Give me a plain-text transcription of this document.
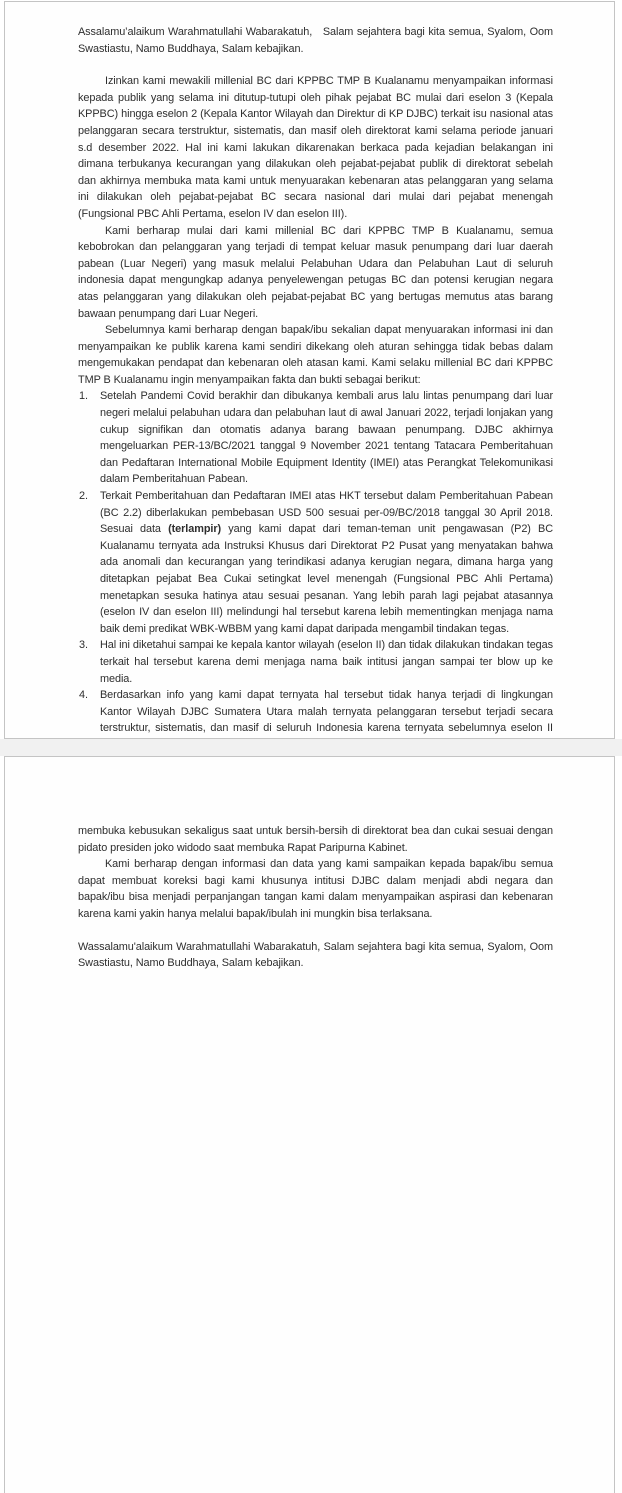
Assalamu’alaikum Warahmatullahi Wabarakatuh,   Salam sejahtera bagi kita semua, Syalom, Oom Swastiastu, Namo Buddhaya, Salam kebajikan.

Izinkan kami mewakili millenial BC dari KPPBC TMP B Kualanamu menyampaikan informasi kepada publik yang selama ini ditutup-tutupi oleh pihak pejabat BC mulai dari eselon 3 (Kepala KPPBC) hingga eselon 2 (Kepala Kantor Wilayah dan Direktur di KP DJBC) terkait isu nasional atas pelanggaran secara terstruktur, sistematis, dan masif oleh direktorat kami selama periode januari s.d desember 2022. Hal ini kami lakukan dikarenakan berkaca pada kejadian belakangan ini dimana terbukanya kecurangan yang dilakukan oleh pejabat-pejabat publik di direktorat sebelah dan akhirnya membuka mata kami untuk menyuarakan kebenaran atas pelanggaran yang selama ini dilakukan oleh pejabat-pejabat BC secara nasional dari mulai dari pejabat menengah (Fungsional PBC Ahli Pertama, eselon IV dan eselon III).

Kami berharap mulai dari kami millenial BC dari KPPBC TMP B Kualanamu, semua kebobrokan dan pelanggaran yang terjadi di tempat keluar masuk penumpang dari luar daerah pabean (Luar Negeri) yang masuk melalui Pelabuhan Udara dan Pelabuhan Laut di seluruh indonesia dapat mengungkap adanya penyelewengan petugas BC dan potensi kerugian negara atas pelanggaran yang dilakukan oleh pejabat-pejabat BC yang bertugas memutus atas barang bawaan penumpang dari Luar Negeri.

Sebelumnya kami berharap dengan bapak/ibu sekalian dapat menyuarakan informasi ini dan menyampaikan ke publik karena kami sendiri dikekang oleh aturan sehingga tidak bebas dalam mengemukakan pendapat dan kebenaran oleh atasan kami. Kami selaku millenial BC dari KPPBC TMP B Kualanamu ingin menyampaikan fakta dan bukti sebagai berikut:

1. Setelah Pandemi Covid berakhir dan dibukanya kembali arus lalu lintas penumpang dari luar negeri melalui pelabuhan udara dan pelabuhan laut di awal Januari 2022, terjadi lonjakan yang cukup signifikan dan otomatis adanya barang bawaan penumpang. DJBC akhirnya mengeluarkan PER-13/BC/2021 tanggal 9 November 2021 tentang Tatacara Pemberitahuan dan Pedaftaran International Mobile Equipment Identity (IMEI) atas Perangkat Telekomunikasi dalam Pemberitahuan Pabean.
2. Terkait Pemberitahuan dan Pedaftaran IMEI atas HKT tersebut dalam Pemberitahuan Pabean (BC 2.2) diberlakukan pembebasan USD 500 sesuai per-09/BC/2018 tanggal 30 April 2018. Sesuai data (terlampir) yang kami dapat dari teman-teman unit pengawasan (P2) BC Kualanamu ternyata ada Instruksi Khusus dari Direktorat P2 Pusat yang menyatakan bahwa ada anomali dan kecurangan yang terindikasi adanya kerugian negara, dimana harga yang ditetapkan pejabat Bea Cukai setingkat level menengah (Fungsional PBC Ahli Pertama) menetapkan sesuka hatinya atau sesuai pesanan. Yang lebih parah lagi pejabat atasannya (eselon IV dan eselon III) melindungi hal tersebut karena lebih mementingkan menjaga nama baik demi predikat WBK-WBBM yang kami dapat daripada mengambil tindakan tegas.
3. Hal ini diketahui sampai ke kepala kantor wilayah (eselon II) dan tidak dilakukan tindakan tegas terkait hal tersebut karena demi menjaga nama baik intitusi jangan sampai ter blow up ke media.
4. Berdasarkan info yang kami dapat ternyata hal tersebut tidak hanya terjadi di lingkungan Kantor Wilayah DJBC Sumatera Utara malah ternyata pelanggaran tersebut terjadi secara terstruktur, sistematis, dan masif di seluruh Indonesia karena ternyata sebelumnya eselon II

membuka kebusukan sekaligus saat untuk bersih-bersih di direktorat bea dan cukai sesuai dengan pidato presiden joko widodo saat membuka Rapat Paripurna Kabinet.

Kami berharap dengan informasi dan data yang kami sampaikan kepada bapak/ibu semua dapat membuat koreksi bagi kami khusunya intitusi DJBC dalam menjadi abdi negara dan bapak/ibu bisa menjadi perpanjangan tangan kami dalam menyampaikan aspirasi dan kebenaran karena kami yakin hanya melalui bapak/ibulah ini mungkin bisa terlaksana.

Wassalamu'alaikum Warahmatullahi Wabarakatuh, Salam sejahtera bagi kita semua, Syalom, Oom Swastiastu, Namo Buddhaya, Salam kebajikan.
